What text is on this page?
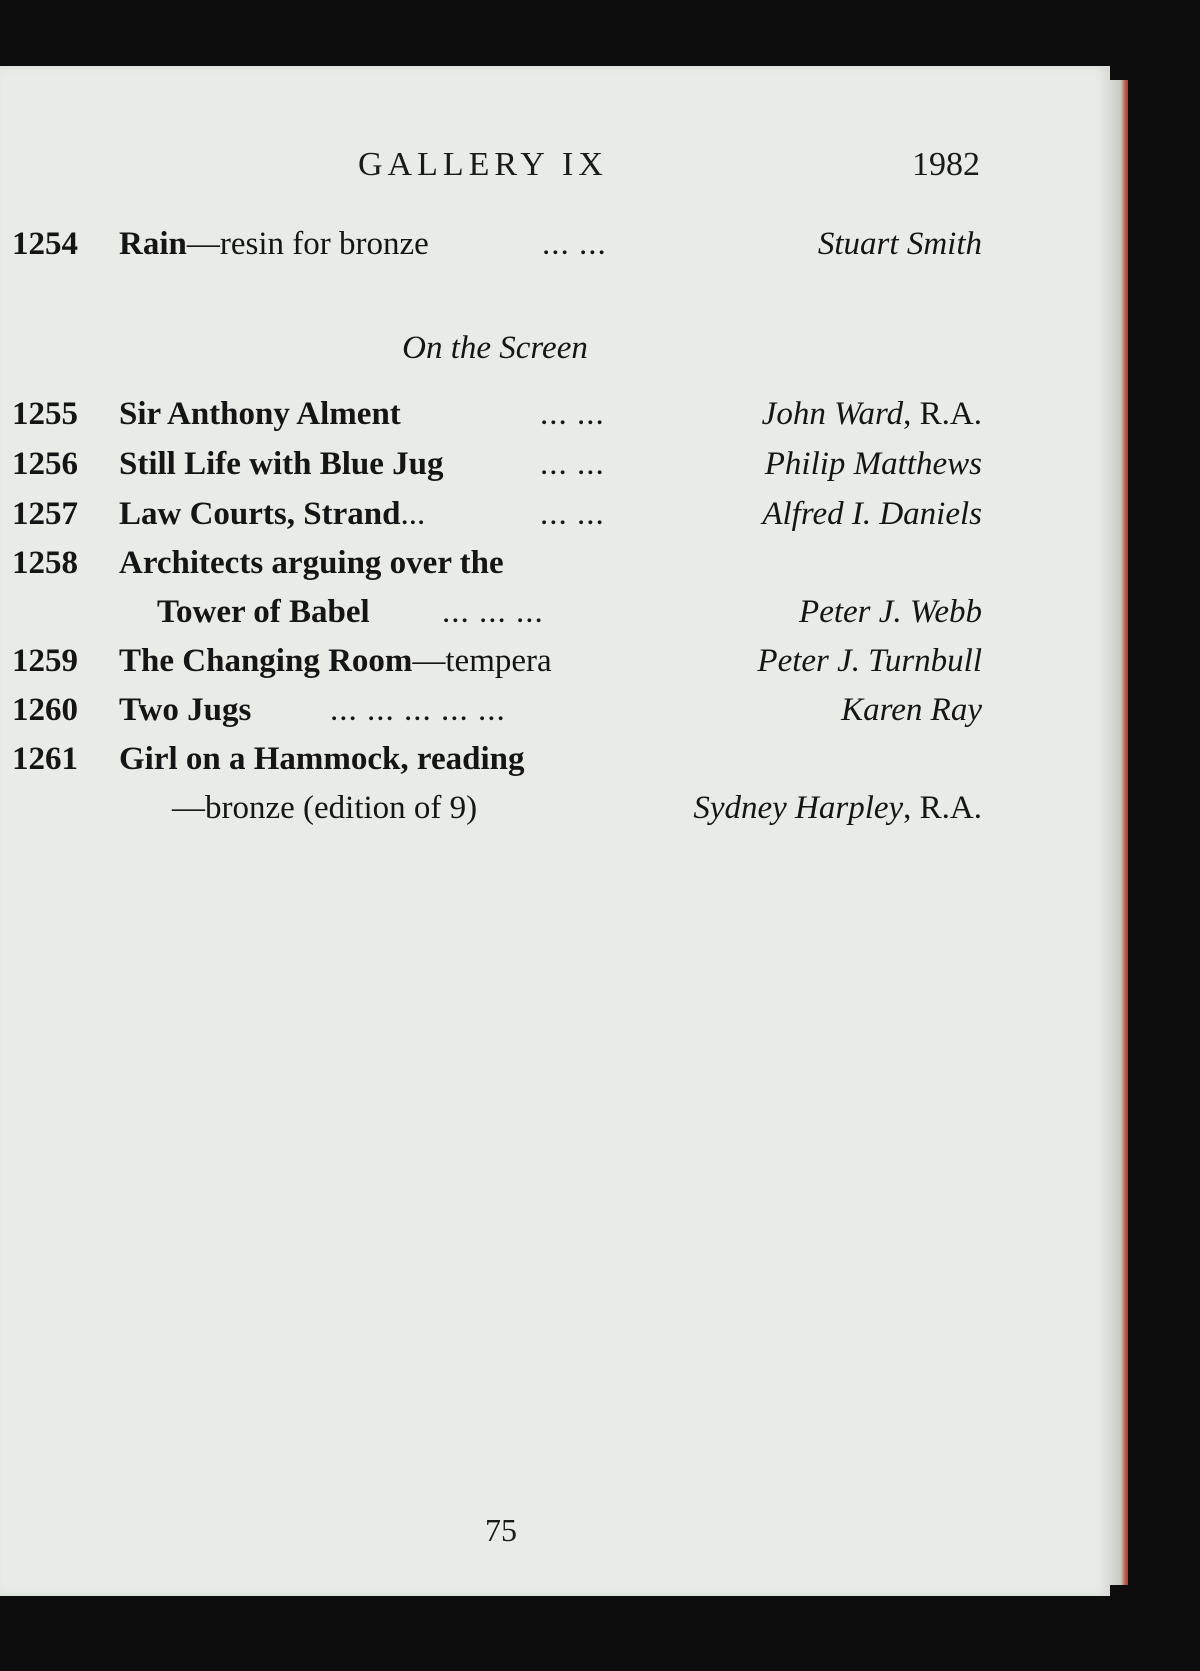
GALLERY IX	1982
1254 Rain—resin for bronze	... ...	Stuart Smith
On the Screen
1255 Sir Anthony Alment	... ...	John Ward, R.A.
1256 Still Life with Blue Jug	... ...	Philip Matthews
1257 Law Courts, Strand...	... ...	Alfred I. Daniels
1258 Architects arguing over the
Tower of Babel ... ... ...	Peter J. Webb
1259 The Changing Room—tempera	Peter J. Turnbull
1260 Two Jugs ... ... ... ... ...	Karen Ray
1261 Girl on a Hammock, reading
—bronze (edition of 9)	Sydney Harpley, R.A.
75
